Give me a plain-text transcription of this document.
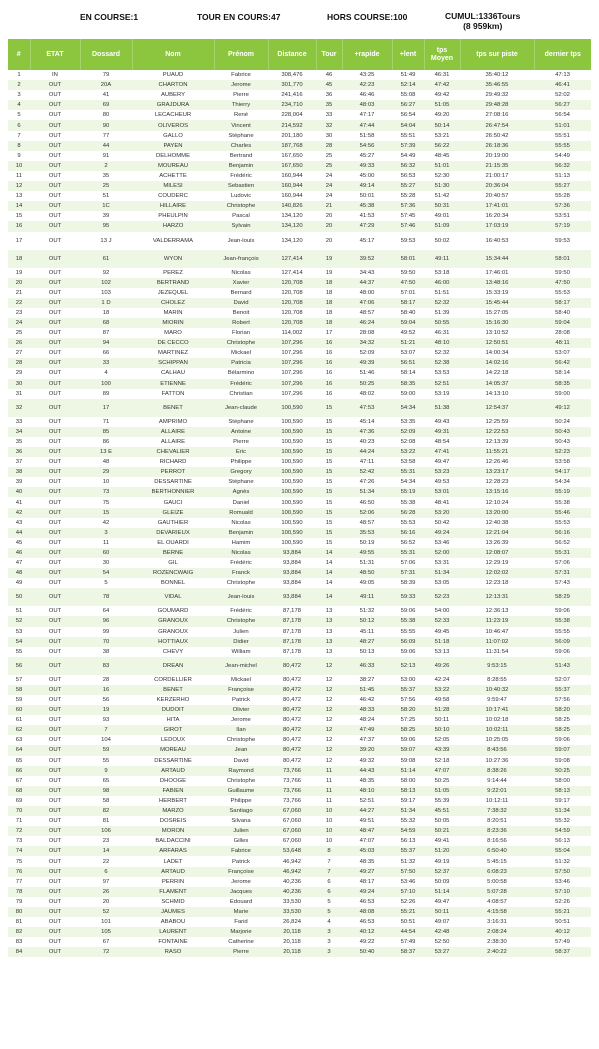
EN COURSE:1	TOUR EN COURS:47	HORS COURSE:100	CUMUL:1336Tours
(8 959km)
#	ETAT	Dossard	Nom	Prénom	Distance	Tour	+rapide	+lent	tps Moyen	tps sur piste	dernier tps
1	IN	79	PUAUD	Fabrice	308,476	46	43:25	51:49	46:31	35:40:12	47:13
2	OUT	20A	CHARTON	Jerome	301,770	45	42:23	52:14	47:42	35:46:55	46:41
3	OUT	41	AUBERY	Pierre	241,416	36	46:46	55:08	49:42	29:49:32	52:02
4	OUT	69	GRAJDURA	Thierry	234,710	35	48:03	56:27	51:05	29:48:28	56:27
5	OUT	80	LECACHEUR	René	228,004	33	47:17	56:54	49:20	27:08:16	56:54
6	OUT	90	OLIVEROS	Vincent	214,592	32	47:44	54:04	50:14	26:47:54	51:01
7	OUT	77	GALLO	Stéphane	201,180	30	51:58	55:51	53:21	26:50:42	55:51
8	OUT	44	PAYEN	Charles	187,768	28	54:56	57:39	56:22	26:18:36	55:55
9	OUT	91	DELHOMME	Bertrand	167,650	25	45:27	54:49	48:45	20:19:00	54:49
10	OUT	2	MOUREAU	Benjamin	167,650	25	49:33	56:32	51:01	21:15:35	56:32
11	OUT	35	ACHETTE	Frédéric	160,944	24	45:00	56:53	52:30	21:00:17	51:13
12	OUT	25	MILESI	Sebastien	160,944	24	49:14	55:27	51:30	20:36:04	55:27
13	OUT	51	COUDERC	Ludovic	160,944	24	50:01	55:28	51:42	20:40:57	55:28
14	OUT	1C	HILLAIRE	Christophe	140,826	21	45:38	57:36	50:31	17:41:01	57:36
15	OUT	39	PHEULPIN	Pascal	134,120	20	41:53	57:45	49:01	16:20:34	53:51
16	OUT	95	HARZO	Sylvain	134,120	20	47:29	57:46	51:09	17:03:19	57:19
17	OUT	13 J	VALDERRAMA	Jean-louis	134,120	20	45:17	59:53	50:02	16:40:53	59:53
18	OUT	61	WYON	Jean-françois	127,414	19	39:52	58:01	49:11	15:34:44	58:01
19	OUT	92	PEREZ	Nicolas	127,414	19	34:43	59:50	53:18	17:46:01	59:50
20	OUT	102	BERTRAND	Xavier	120,708	18	44:37	47:50	46:00	13:48:16	47:50
21	OUT	103	JEZEQUEL	Bernard	120,708	18	48:00	57:01	51:51	15:33:19	55:53
22	OUT	1 D	CHOLEZ	David	120,708	18	47:06	58:17	52:32	15:45:44	58:17
23	OUT	18	MARIN	Benoit	120,708	18	48:57	58:40	51:39	15:27:05	58:40
24	OUT	68	MIORIN	Robert	120,708	18	46:24	59:04	50:55	15:16:30	59:04
25	OUT	87	MARO	Florian	114,002	17	28:08	49:52	46:31	13:10:52	28:08
26	OUT	94	DE CECCO	Christophe	107,296	16	34:32	51:21	48:10	12:50:51	48:11
27	OUT	66	MARTINEZ	Mickael	107,296	16	52:09	53:07	52:32	14:00:34	53:07
28	OUT	33	SCHIPPAN	Patricia	107,296	16	49:39	56:51	52:38	14:02:16	56:42
29	OUT	4	CALHAU	Bélarmino	107,296	16	51:46	58:14	53:53	14:22:18	58:14
30	OUT	100	ETIENNE	Frédéric	107,296	16	50:25	58:35	52:51	14:05:37	58:35
31	OUT	89	FATTON	Christian	107,296	16	48:02	59:00	53:19	14:13:10	59:00
32	OUT	17	BENET	Jean-claude	100,590	15	47:53	54:34	51:38	12:54:37	49:12
33	OUT	71	AMPRIMO	Stéphane	100,590	15	45:14	53:35	49:43	12:25:59	50:24
34	OUT	85	ALLAIRE	Antoine	100,590	15	47:36	52:09	49:31	12:22:53	50:43
35	OUT	86	ALLAIRE	Pierre	100,590	15	40:23	52:08	48:54	12:13:39	50:43
36	OUT	13 E	CHEVALIER	Eric	100,590	15	44:24	53:22	47:41	11:55:21	52:23
37	OUT	48	RICHARD	Philippe	100,590	15	47:11	53:58	49:47	12:26:46	53:58
38	OUT	29	PERROT	Gregory	100,590	15	52:42	55:31	53:23	13:23:17	54:17
39	OUT	10	DESSARTINE	Stéphane	100,590	15	47:26	54:34	49:53	12:28:23	54:34
40	OUT	73	BERTHONNIER	Agnès	100,590	15	51:34	55:19	53:01	13:15:16	55:19
41	OUT	75	GAUCI	Daniel	100,590	15	46:50	55:38	48:41	12:10:24	55:38
42	OUT	15	GLEIZE	Romuald	100,590	15	52:06	56:28	53:20	13:20:00	55:46
43	OUT	42	GAUTHIER	Nicolas	100,590	15	48:57	55:53	50:42	12:40:38	55:53
44	OUT	3	DEVARIEUX	Benjamin	100,590	15	35:53	56:16	49:24	12:21:04	56:16
45	OUT	11	EL OUARDI	Hamim	100,590	15	50:19	56:52	53:46	13:26:39	56:52
46	OUT	60	BERNE	Nicolas	93,884	14	49:55	55:31	52:00	12:08:07	55:31
47	OUT	30	GIL	Frédéric	93,884	14	51:31	57:06	53:31	12:29:19	57:06
48	OUT	54	ROZENCWAIG	Franck	93,884	14	48:50	57:31	51:34	12:02:02	57:31
49	OUT	5	BONNEL	Christophe	93,884	14	49:05	58:39	53:05	12:23:18	57:43
50	OUT	78	VIDAL	Jean-louis	93,884	14	49:11	59:33	52:23	12:13:31	58:29
51	OUT	64	GOUMARD	Frédéric	87,178	13	51:32	59:06	54:00	12:36:13	59:06
52	OUT	96	GRANOUX	Christophe	87,178	13	50:12	55:38	52:33	11:23:19	55:38
53	OUT	99	GRANOUX	Julien	87,178	13	45:11	55:55	49:45	10:46:47	55:55
54	OUT	70	HOTTIAUX	Didier	87,178	13	48:27	56:09	51:18	11:07:02	56:09
55	OUT	38	CHEVY	William	87,178	13	50:13	59:06	53:13	11:31:54	59:06
56	OUT	83	DREAN	Jean-michel	80,472	12	46:33	52:13	49:26	9:53:15	51:43
57	OUT	28	CORDELLIER	Mickael	80,472	12	38:27	53:00	42:24	8:28:55	52:07
58	OUT	16	BENET	Françoise	80,472	12	51:45	55:37	53:22	10:40:32	55:37
59	OUT	56	KERZERHO	Patrick	80,472	12	46:42	57:56	49:58	9:59:47	57:56
60	OUT	19	DUDOIT	Olivier	80,472	12	48:33	58:20	51:28	10:17:41	58:20
61	OUT	93	HITA	Jerome	80,472	12	48:24	57:25	50:11	10:02:18	58:25
62	OUT	7	GIROT	Ilan	80,472	12	47:49	58:25	50:10	10:02:11	58:25
63	OUT	104	LEDOUX	Christophe	80,472	12	47:37	59:06	52:05	10:25:05	59:06
64	OUT	59	MOREAU	Jean	80,472	12	39:20	59:07	43:39	8:43:56	59:07
65	OUT	55	DESSARTINE	David	80,472	12	49:32	59:08	52:18	10:27:36	59:08
66	OUT	9	ARTAUD	Raymond	73,766	11	44:43	51:14	47:07	8:38:26	50:25
67	OUT	65	DHOOGE	Christophe	73,766	11	48:35	58:00	50:25	9:14:44	58:00
68	OUT	98	FABIEN	Guillaume	73,766	11	48:10	58:13	51:05	9:22:01	58:13
69	OUT	58	HERBERT	Philippe	73,766	11	52:51	59:17	55:39	10:12:11	59:17
70	OUT	82	MARZO	Santiago	67,060	10	44:27	51:34	45:51	7:38:32	51:34
71	OUT	81	DOSREIS	Silvana	67,060	10	49:51	55:32	50:05	8:20:51	55:32
72	OUT	106	MORON	Julien	67,060	10	48:47	54:59	50:21	8:23:36	54:59
73	OUT	23	BALDACCINI	Gilles	67,060	10	47:07	56:13	49:41	8:16:56	56:13
74	OUT	14	ARFARAS	Fabrice	53,648	8	45:03	55:37	51:20	6:50:40	55:04
75	OUT	22	LADET	Patrick	46,942	7	48:35	51:32	49:19	5:45:15	51:32
76	OUT	6	ARTAUD	Françoise	46,942	7	49:27	57:50	52:37	6:08:23	57:50
77	OUT	97	PERRIN	Jerome	40,236	6	48:17	53:46	50:09	5:00:58	53:46
78	OUT	26	FLAMENT	Jacques	40,236	6	49:24	57:10	51:14	5:07:28	57:10
79	OUT	20	SCHMID	Edouard	33,530	5	46:53	52:26	49:47	4:08:57	52:26
80	OUT	52	JAUMES	Marie	33,530	5	48:08	55:21	50:11	4:15:58	55:21
81	OUT	101	ABABOU	Farid	26,824	4	46:53	50:51	49:07	3:16:31	50:51
82	OUT	105	LAURENT	Marjorie	20,118	3	40:12	44:54	42:48	2:08:24	40:12
83	OUT	67	FONTAINE	Catherine	20,118	3	49:22	57:49	52:50	2:38:30	57:49
84	OUT	72	RASO	Pierre	20,118	3	50:40	58:37	53:27	2:40:22	58:37
